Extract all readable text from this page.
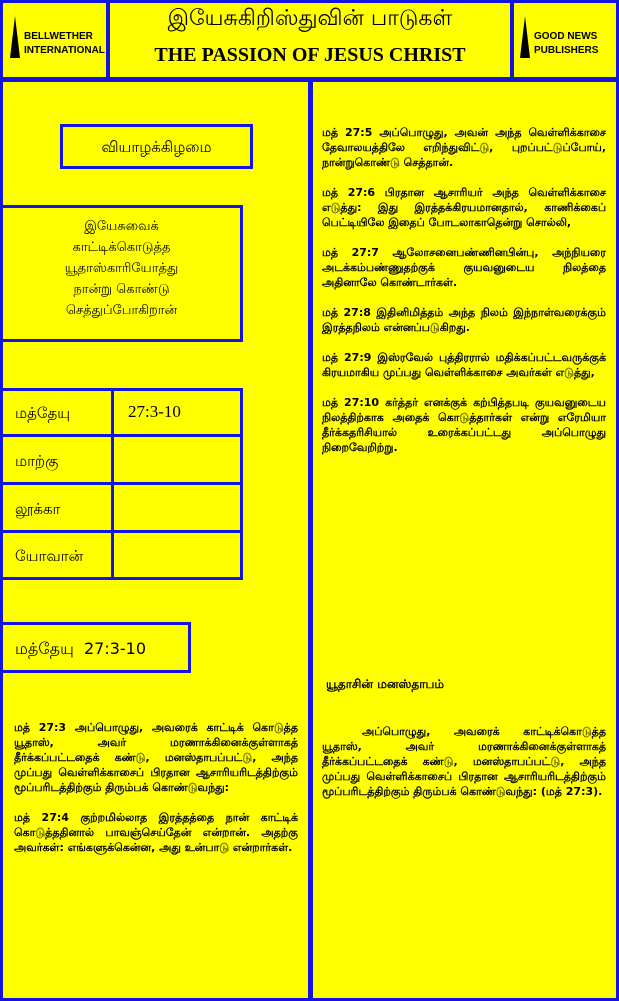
BELLWETHER
INTERNATIONAL
GOOD NEWS
PUBLISHERS
இயேசுகிறிஸ்துவின் பாடுகள்
THE PASSION OF JESUS CHRIST
வியாழக்கிழமை
இயேசுவைக்
காட்டிக்கொடுத்த
யூதாஸ்காரியோத்து
நான்று கொண்டு
செத்துப்போகிறான்
மத்தேயு	27:3-10
மாற்கு
லூக்கா
யோவான்
மத்தேயு  27:3-10

மத் 27:3 அப்பொழுது, அவரைக் காட்டிக் கொடுத்த யூதாஸ், அவர் மரணாக்கினைக்குள்ளாகத் தீர்க்கப்பட்டதைக் கண்டு, மனஸ்தாபப்பட்டு, அந்த முப்பது வெள்ளிக்காசைப் பிரதான ஆசாரியரிடத்திற்கும் மூப்பரிடத்திற்கும் திரும்பக் கொண்டுவந்து:

மத் 27:4 குற்றமில்லாத இரத்தத்தை நான் காட்டிக் கொடுத்ததினால் பாவஞ்செய்தேன் என்றான். அதற்கு அவர்கள்: எங்களுக்கென்ன, அது உன்பாடு என்றார்கள்.

மத் 27:5 அப்பொழுது, அவன் அந்த வெள்ளிக்காசை தேவாலயத்திலே எறிந்துவிட்டு, புறப்பட்டுப்போய், நான்றுகொண்டு செத்தான்.

மத் 27:6 பிரதான ஆசாரியர் அந்த வெள்ளிக்காசை எடுத்து: இது இரத்தக்கிரயமானதால், காணிக்கைப் பெட்டியிலே இதைப் போடலாகாதென்று சொல்லி,

மத் 27:7 ஆலோசனைபண்ணினபின்பு, அந்நியரை அடக்கம்பண்ணுதற்குக் குயவனுடைய நிலத்தை அதினாலே கொண்டார்கள்.

மத் 27:8 இதினிமித்தம் அந்த நிலம் இந்நாள்வரைக்கும் இரத்தநிலம் என்னப்படுகிறது.

மத் 27:9 இஸ்ரவேல் புத்திரரால் மதிக்கப்பட்டவருக்குக் கிரயமாகிய முப்பது வெள்ளிக்காசை அவர்கள் எடுத்து,

மத் 27:10 கர்த்தர் எனக்குக் கற்பித்தபடி குயவனுடைய நிலத்திற்காக அதைக் கொடுத்தார்கள் என்று எரேமியா தீர்க்கதரிசியால் உரைக்கப்பட்டது அப்பொழுது நிறைவேறிற்று.

யூதாசின் மனஸ்தாபம்
அப்பொழுது, அவரைக் காட்டிக்கொடுத்த யூதாஸ், அவர் மரணாக்கினைக்குள்ளாகத் தீர்க்கப்பட்டதைக் கண்டு, மனஸ்தாபப்பட்டு, அந்த முப்பது வெள்ளிக்காசைப் பிரதான ஆசாரியரிடத்திற்கும் மூப்பரிடத்திற்கும் திரும்பக் கொண்டுவந்து: (மத் 27:3).
